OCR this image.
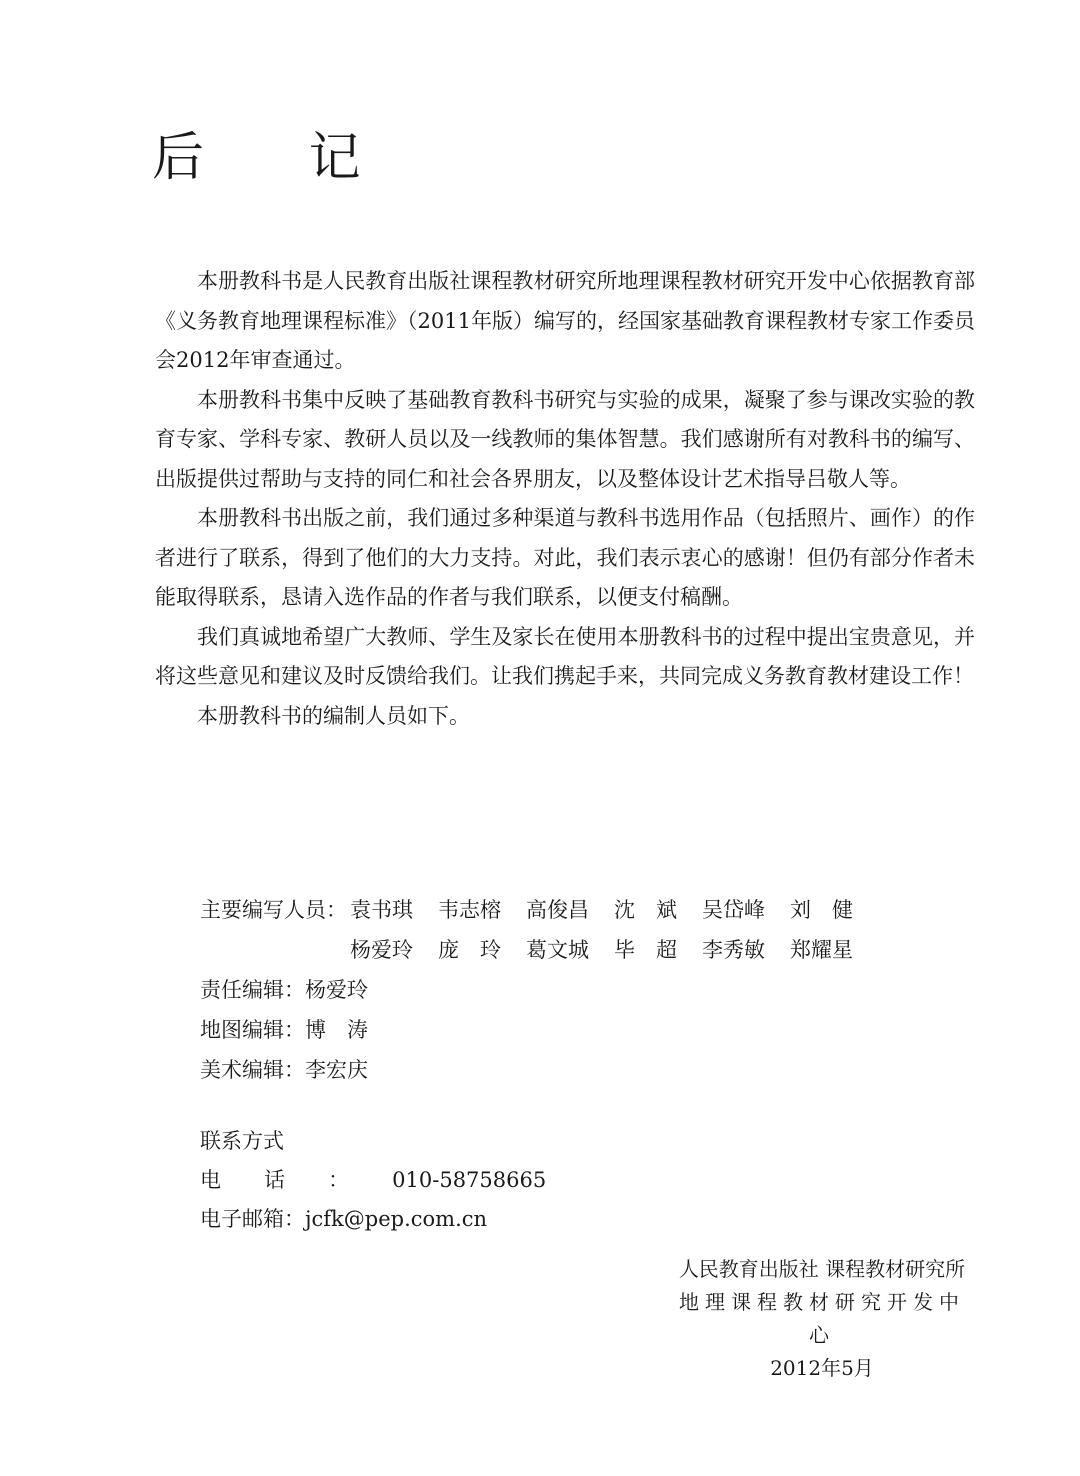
后 记

本册教科书是人民教育出版社课程教材研究所地理课程教材研究开发中心依据教育部《义务教育地理课程标准》（2011年版）编写的，经国家基础教育课程教材专家工作委员会2012年审查通过。

本册教科书集中反映了基础教育教科书研究与实验的成果，凝聚了参与课改实验的教育专家、学科专家、教研人员以及一线教师的集体智慧。我们感谢所有对教科书的编写、出版提供过帮助与支持的同仁和社会各界朋友，以及整体设计艺术指导吕敬人等。

本册教科书出版之前，我们通过多种渠道与教科书选用作品（包括照片、画作）的作者进行了联系，得到了他们的大力支持。对此，我们表示衷心的感谢！但仍有部分作者未能取得联系，恳请入选作品的作者与我们联系，以便支付稿酬。

我们真诚地希望广大教师、学生及家长在使用本册教科书的过程中提出宝贵意见，并将这些意见和建议及时反馈给我们。让我们携起手来，共同完成义务教育教材建设工作！

本册教科书的编制人员如下。

主要编写人员： 袁书琪	韦志榕	高俊昌	沈　斌	吴岱峰	刘　健
杨爱玲	庞　玲	葛文城	毕　超	李秀敏	郑耀星
责任编辑： 杨爱玲
地图编辑： 博　涛
美术编辑： 李宏庆
联系方式
电话：010-58758665
电子邮箱：jcfk@pep.com.cn
人民教育出版社 课程教材研究所
地理课程教材研究开发中心
2012年5月
